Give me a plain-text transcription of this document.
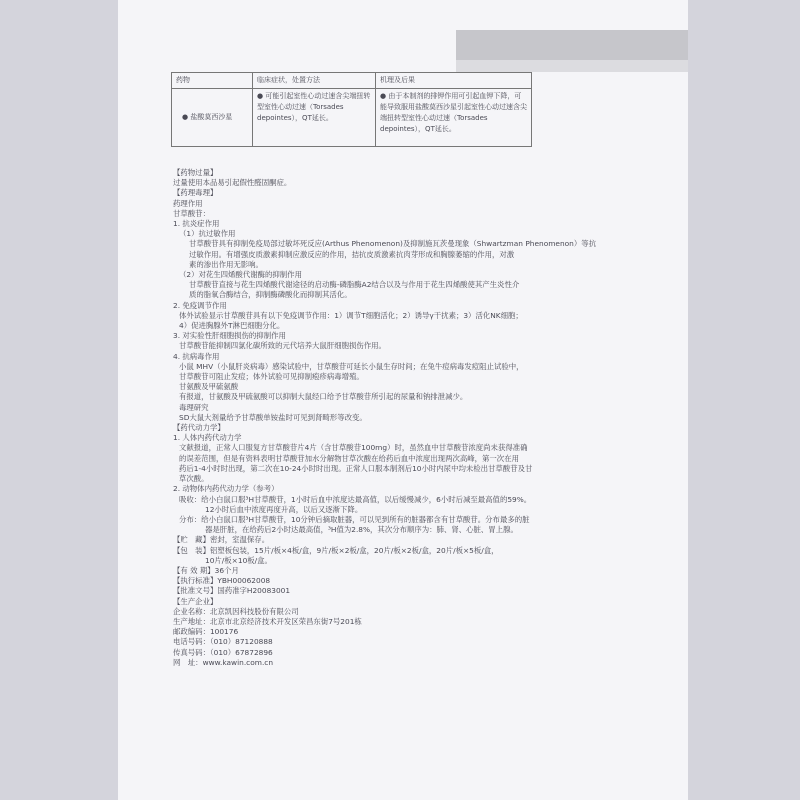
药物	临床症状，处置方法	机理及后果
● 盐酸莫西沙星	● 可能引起室性心动过速含尖端扭转型室性心动过速（Torsades depointes），QT延长。	● 由于本制剂的排钾作用可引起血钾下降，可能导致服用盐酸莫西沙星引起室性心动过速含尖端扭转型室性心动过速（Torsades depointes），QT延长。

【药物过量】

过量使用本品易引起假性醛固酮症。

【药理毒理】

药理作用

甘草酸苷：

1. 抗炎症作用

（1）抗过敏作用

甘草酸苷具有抑制免疫局部过敏坏死反应(Arthus Phenomenon)及抑制施瓦茨曼现象（Shwartzman Phenomenon）等抗

过敏作用。有增强皮质激素抑制应激反应的作用，拮抗皮质激素抗肉芽形成和胸腺萎缩的作用，对激

素的渗出作用无影响。

（2）对花生四烯酸代谢酶的抑制作用

甘草酸苷直接与花生四烯酸代谢途径的启动酶-磷脂酶A2结合以及与作用于花生四烯酸使其产生炎性介

质的脂氧合酶结合，抑制酶磷酸化而抑制其活化。

2. 免疫调节作用

体外试验显示甘草酸苷具有以下免疫调节作用：1）调节T细胞活化；2）诱导γ干扰素；3）活化NK细胞；

4）促进胸腺外T淋巴细胞分化。

3. 对实验性肝细胞损伤的抑制作用

甘草酸苷能抑制四氯化碳所致的元代培养大鼠肝细胞损伤作用。

4. 抗病毒作用

小鼠 MHV（小鼠肝炎病毒）感染试验中，甘草酸苷可延长小鼠生存时间；在兔牛痘病毒发痘阻止试验中，

甘草酸苷可阻止发痘；体外试验可见抑制疱疹病毒增殖。

甘氨酸及甲硫氨酸

有报道，甘氨酸及甲硫氨酸可以抑制大鼠经口给予甘草酸苷所引起的尿量和钠排泄减少。

毒理研究

SD大鼠大剂量给予甘草酸单铵盐时可见到肾畸形等改变。

【药代动力学】

1. 人体内药代动力学

文献报道，正常人口服复方甘草酸苷片4片（含甘草酸苷100mg）时，虽然血中甘草酸苷浓度尚未获得准确

的误差范围，但是有资料表明甘草酸苷加水分解物甘草次酸在给药后血中浓度出现两次高峰，第一次在用

药后1-4小时时出现，第二次在10-24小时时出现。正常人口服本制剂后10小时内尿中均未检出甘草酸苷及甘

草次酸。

2. 动物体内药代动力学（参考）

吸收：给小白鼠口服³H甘草酸苷，1小时后血中浓度达最高值，以后缓慢减少，6小时后减至最高值的59%。

12小时后血中浓度再度升高，以后又逐渐下降。

分布：给小白鼠口服³H甘草酸苷，10分钟后摘取脏器，可以见到所有的脏器都含有甘草酸苷。分布最多的脏

器是肝脏，在给药后2小时达最高值，³H值为2.8%，其次分布顺序为：肺、肾、心脏、胃上腺。

【贮　藏】密封，室温保存。

【包　装】铝塑板包装，15片/板×4板/盒，9片/板×2板/盒，20片/板×2板/盒，20片/板×5板/盒，

10片/板×10板/盒。

【有 效 期】36个月

【执行标准】YBH00062008

【批准文号】国药准字H20083001

【生产企业】

企业名称：北京凯因科技股份有限公司

生产地址：北京市北京经济技术开发区荣昌东街7号201栋

邮政编码：100176

电话号码：（010）87120888

传真号码：（010）67872896

网　址：www.kawin.com.cn
